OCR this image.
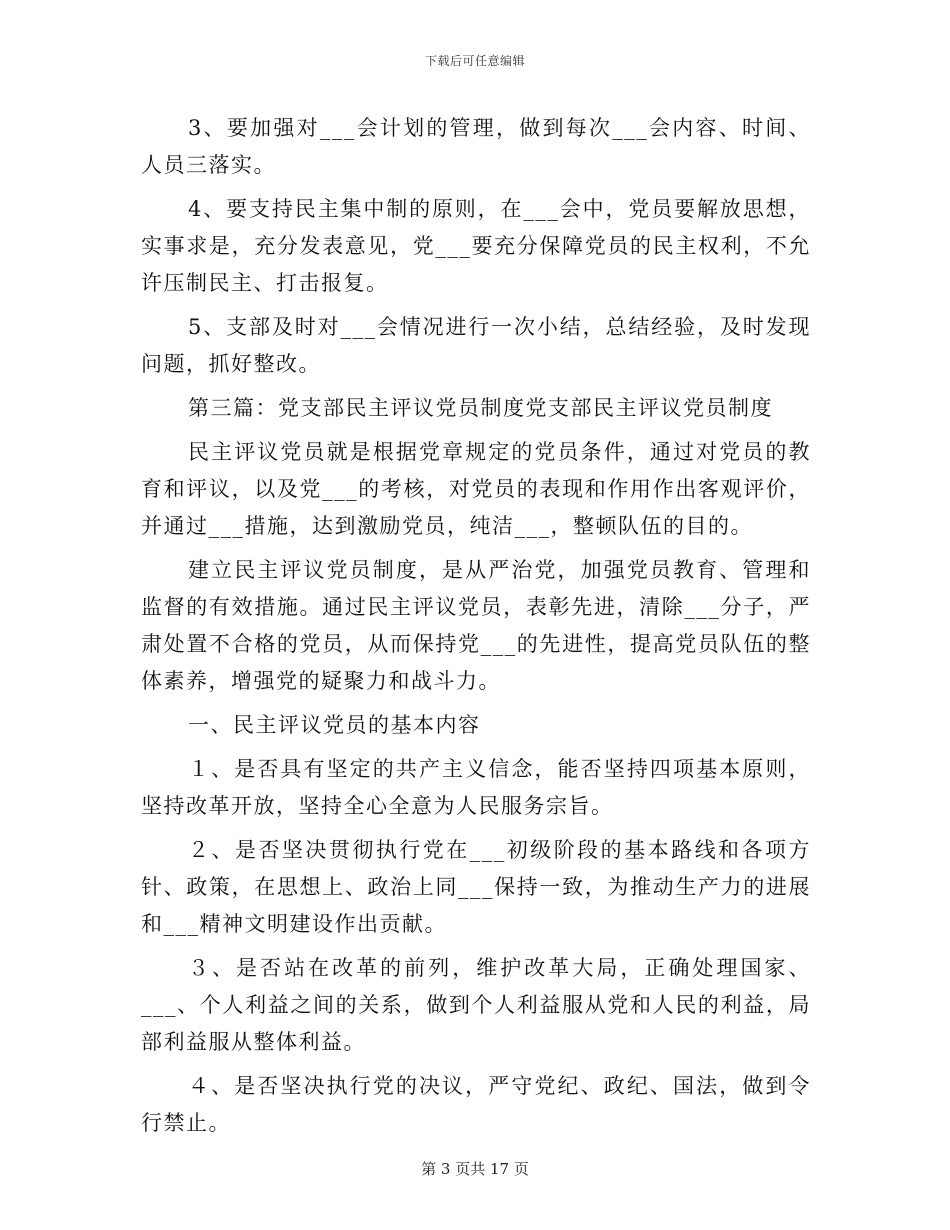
下载后可任意编辑

3、要加强对___会计划的管理，做到每次___会内容、时间、人员三落实。

4、要支持民主集中制的原则，在___会中，党员要解放思想，实事求是，充分发表意见，党___要充分保障党员的民主权利，不允许压制民主、打击报复。

5、支部及时对___会情况进行一次小结，总结经验，及时发现问题，抓好整改。

第三篇：党支部民主评议党员制度党支部民主评议党员制度

民主评议党员就是根据党章规定的党员条件，通过对党员的教育和评议，以及党___的考核，对党员的表现和作用作出客观评价，并通过___措施，达到激励党员，纯洁___，整顿队伍的目的。

建立民主评议党员制度，是从严治党，加强党员教育、管理和监督的有效措施。通过民主评议党员，表彰先进，清除___分子，严肃处置不合格的党员，从而保持党___的先进性，提高党员队伍的整体素养，增强党的疑聚力和战斗力。

一、民主评议党员的基本内容

１、是否具有坚定的共产主义信念，能否坚持四项基本原则，坚持改革开放，坚持全心全意为人民服务宗旨。

２、是否坚决贯彻执行党在___初级阶段的基本路线和各项方针、政策，在思想上、政治上同___保持一致，为推动生产力的进展和___精神文明建设作出贡献。

３、是否站在改革的前列，维护改革大局，正确处理国家、___、个人利益之间的关系，做到个人利益服从党和人民的利益，局部利益服从整体利益。

４、是否坚决执行党的决议，严守党纪、政纪、国法，做到令行禁止。

第 3 页共 17 页
